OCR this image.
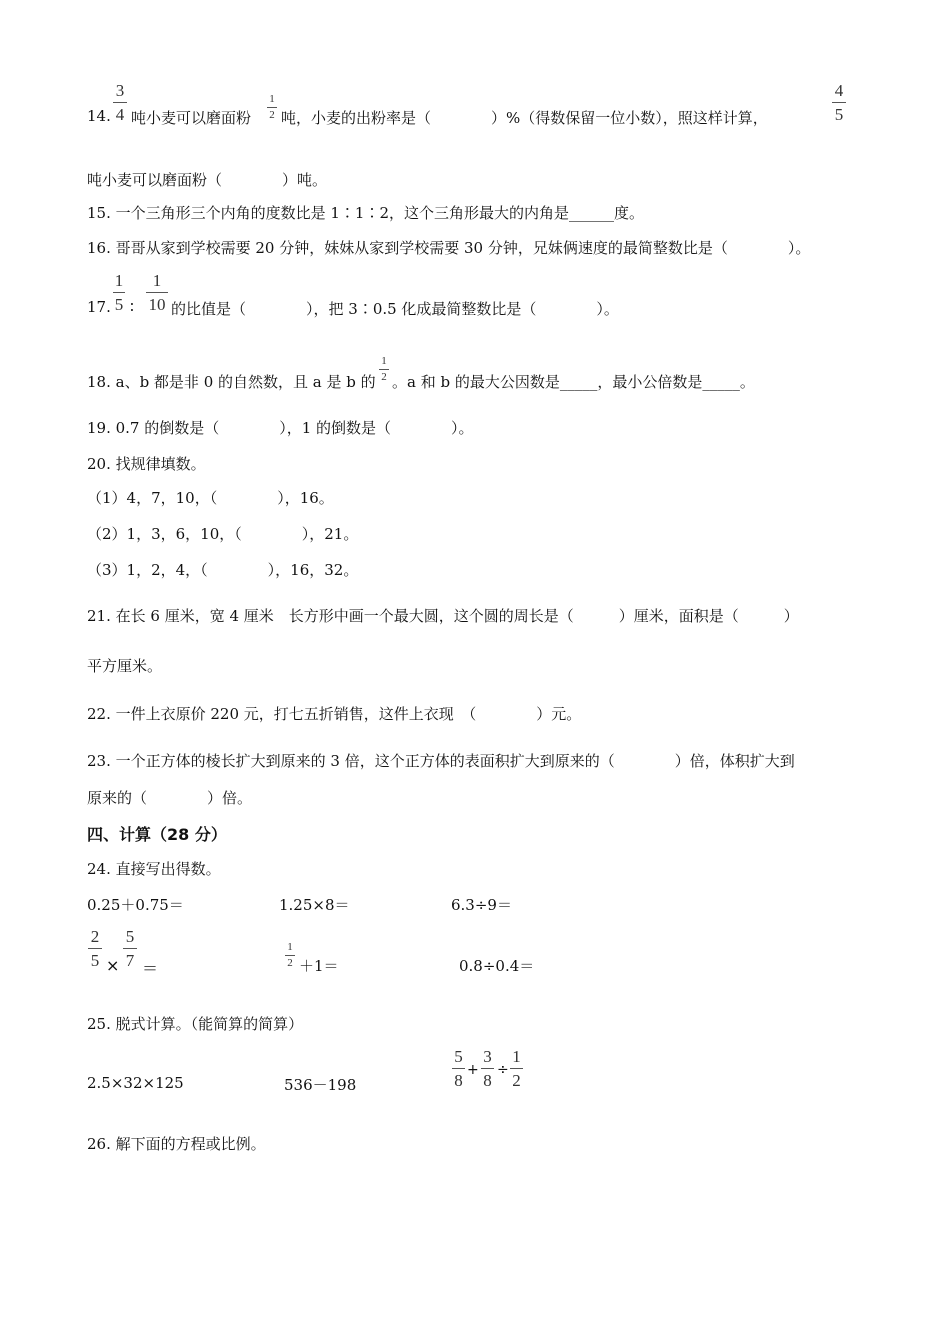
14.
3
4 吨小麦可以磨面粉
1
2 吨，小麦的出粉率是（　　　　）%（得数保留一位小数），照这样计算，
4
5
吨小麦可以磨面粉（　　　　）吨。
15. 一个三角形三个内角的度数比是 1∶1∶2，这个三角形最大的内角是______度。
16. 哥哥从家到学校需要 20 分钟，妹妹从家到学校需要 30 分钟，兄妹俩速度的最简整数比是（　　　　）。
17.
1
5 ∶
1
10 的比值是（　　　　），把 3∶0.5 化成最简整数比是（　　　　）。
18. a、b 都是非 0 的自然数，且 a 是 b 的
1
2 。a 和 b 的最大公因数是_____，最小公倍数是_____。
19. 0.7 的倒数是（　　　　），1 的倒数是（　　　　）。
20. 找规律填数。
（1）4，7，10，（　　　　），16。
（2）1，3，6，10，（　　　　），21。
（3）1，2，4，（　　　　），16，32。
21. 在长 6 厘米，宽 4 厘米　长方形中画一个最大圆，这个圆的周长是（　　　）厘米，面积是（　　　）
平方厘米。
22. 一件上衣原价 220 元，打七五折销售，这件上衣现　（　　　　）元。
23. 一个正方体的棱长扩大到原来的 3 倍，这个正方体的表面积扩大到原来的（　　　　）倍，体积扩大到
原来的（　　　　）倍。
四、计算（28 分）
24. 直接写出得数。
0.25＋0.75＝	1.25×8＝	6.3÷9＝
2
5 ×
5
7 ＝
1
2 ＋1＝	0.8÷0.4＝
25. 脱式计算。（能简算的简算）
2.5×32×125	536－198
5
8
+
3
8
÷
1
2
26. 解下面的方程或比例。
